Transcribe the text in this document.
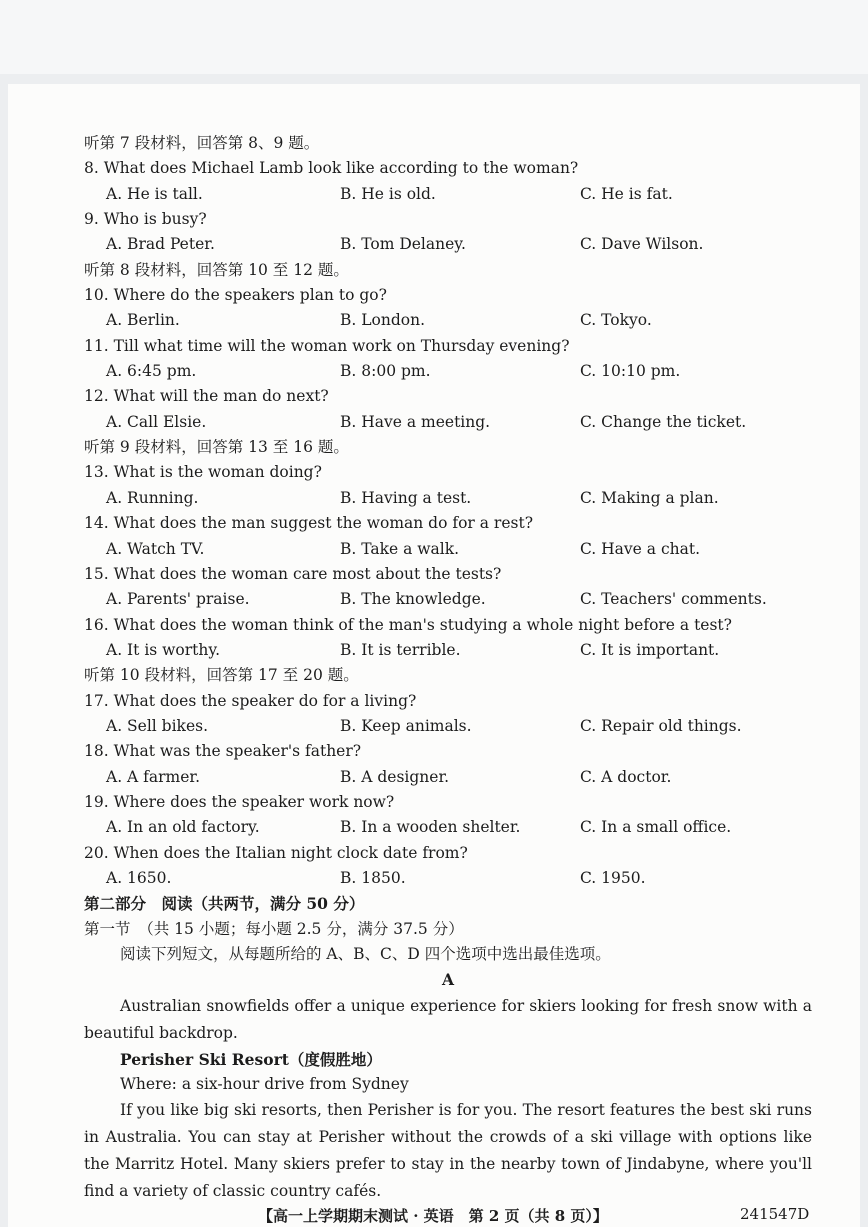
听第 7 段材料，回答第 8、9 题。
8. What does Michael Lamb look like according to the woman?
A. He is tall.	B. He is old.	C. He is fat.
9. Who is busy?
A. Brad Peter.	B. Tom Delaney.	C. Dave Wilson.
听第 8 段材料，回答第 10 至 12 题。
10. Where do the speakers plan to go?
A. Berlin.	B. London.	C. Tokyo.
11. Till what time will the woman work on Thursday evening?
A. 6:45 pm.	B. 8:00 pm.	C. 10:10 pm.
12. What will the man do next?
A. Call Elsie.	B. Have a meeting.	C. Change the ticket.
听第 9 段材料，回答第 13 至 16 题。
13. What is the woman doing?
A. Running.	B. Having a test.	C. Making a plan.
14. What does the man suggest the woman do for a rest?
A. Watch TV.	B. Take a walk.	C. Have a chat.
15. What does the woman care most about the tests?
A. Parents' praise.	B. The knowledge.	C. Teachers' comments.
16. What does the woman think of the man's studying a whole night before a test?
A. It is worthy.	B. It is terrible.	C. It is important.
听第 10 段材料，回答第 17 至 20 题。
17. What does the speaker do for a living?
A. Sell bikes.	B. Keep animals.	C. Repair old things.
18. What was the speaker's father?
A. A farmer.	B. A designer.	C. A doctor.
19. Where does the speaker work now?
A. In an old factory.	B. In a wooden shelter.	C. In a small office.
20. When does the Italian night clock date from?
A. 1650.	B. 1850.	C. 1950.
第二部分　阅读（共两节，满分 50 分）
第一节　（共 15 小题；每小题 2.5 分，满分 37.5 分）
阅读下列短文，从每题所给的 A、B、C、D 四个选项中选出最佳选项。
A

Australian snowfields offer a unique experience for skiers looking for fresh snow with a beautiful backdrop.

Perisher Ski Resort（度假胜地）
Where: a six-hour drive from Sydney

If you like big ski resorts, then Perisher is for you. The resort features the best ski runs in Australia. You can stay at Perisher without the crowds of a ski village with options like the Marritz Hotel. Many skiers prefer to stay in the nearby town of Jindabyne, where you'll find a variety of classic country cafés.

【高一上学期期末测试 · 英语　第 2 页（共 8 页）】	241547D
